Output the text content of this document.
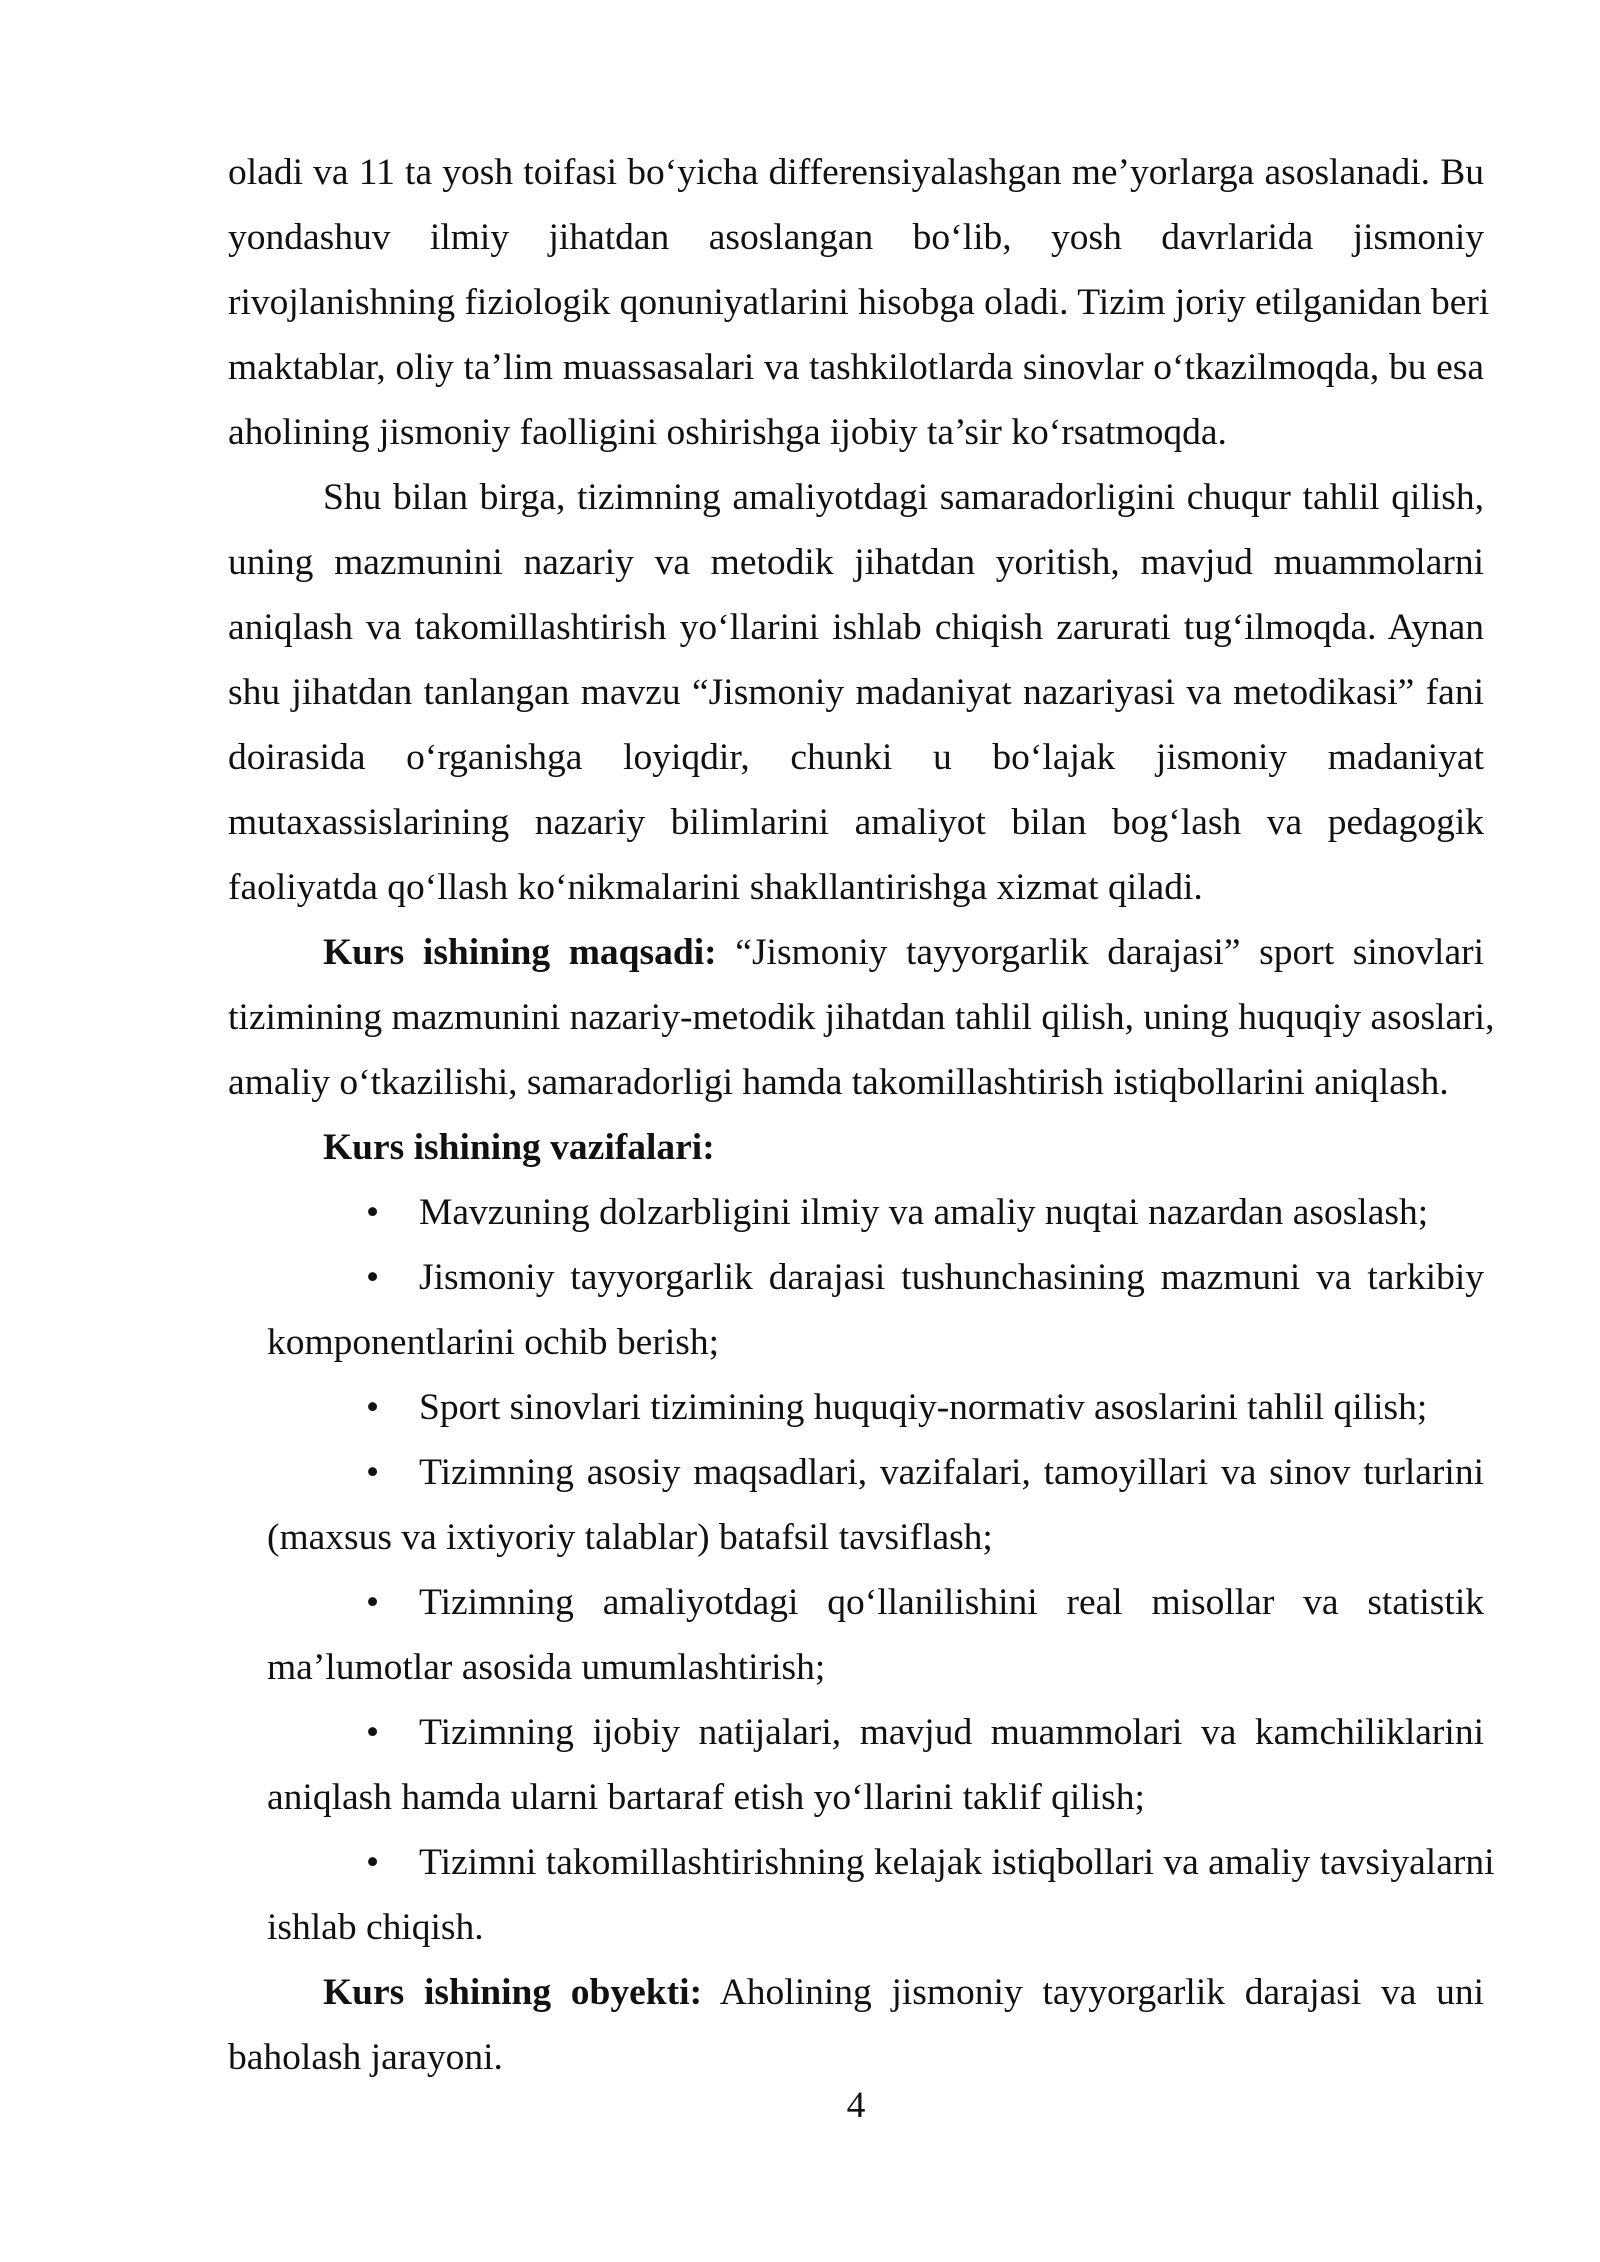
oladi va 11 ta yosh toifasi bo‘yicha differensiyalashgan me’yorlarga asoslanadi. Bu
yondashuv ilmiy jihatdan asoslangan bo‘lib, yosh davrlarida jismoniy
rivojlanishning fiziologik qonuniyatlarini hisobga oladi. Tizim joriy etilganidan beri
maktablar, oliy ta’lim muassasalari va tashkilotlarda sinovlar o‘tkazilmoqda, bu esa
aholining jismoniy faolligini oshirishga ijobiy ta’sir ko‘rsatmoqda.
Shu bilan birga, tizimning amaliyotdagi samaradorligini chuqur tahlil qilish,
uning mazmunini nazariy va metodik jihatdan yoritish, mavjud muammolarni
aniqlash va takomillashtirish yo‘llarini ishlab chiqish zarurati tug‘ilmoqda. Aynan
shu jihatdan tanlangan mavzu “Jismoniy madaniyat nazariyasi va metodikasi” fani
doirasida o‘rganishga loyiqdir, chunki u bo‘lajak jismoniy madaniyat
mutaxassislarining nazariy bilimlarini amaliyot bilan bog‘lash va pedagogik
faoliyatda qo‘llash ko‘nikmalarini shakllantirishga xizmat qiladi.
Kurs ishining maqsadi: “Jismoniy tayyorgarlik darajasi” sport sinovlari
tizimining mazmunini nazariy-metodik jihatdan tahlil qilish, uning huquqiy asoslari,
amaliy o‘tkazilishi, samaradorligi hamda takomillashtirish istiqbollarini aniqlash.
Kurs ishining vazifalari:
• Mavzuning dolzarbligini ilmiy va amaliy nuqtai nazardan asoslash;
• Jismoniy tayyorgarlik darajasi tushunchasining mazmuni va tarkibiy
komponentlarini ochib berish;
• Sport sinovlari tizimining huquqiy-normativ asoslarini tahlil qilish;
• Tizimning asosiy maqsadlari, vazifalari, tamoyillari va sinov turlarini
(maxsus va ixtiyoriy talablar) batafsil tavsiflash;
• Tizimning amaliyotdagi qo‘llanilishini real misollar va statistik
ma’lumotlar asosida umumlashtirish;
• Tizimning ijobiy natijalari, mavjud muammolari va kamchiliklarini
aniqlash hamda ularni bartaraf etish yo‘llarini taklif qilish;
• Tizimni takomillashtirishning kelajak istiqbollari va amaliy tavsiyalarni
ishlab chiqish.
Kurs ishining obyekti: Aholining jismoniy tayyorgarlik darajasi va uni
baholash jarayoni.
4
